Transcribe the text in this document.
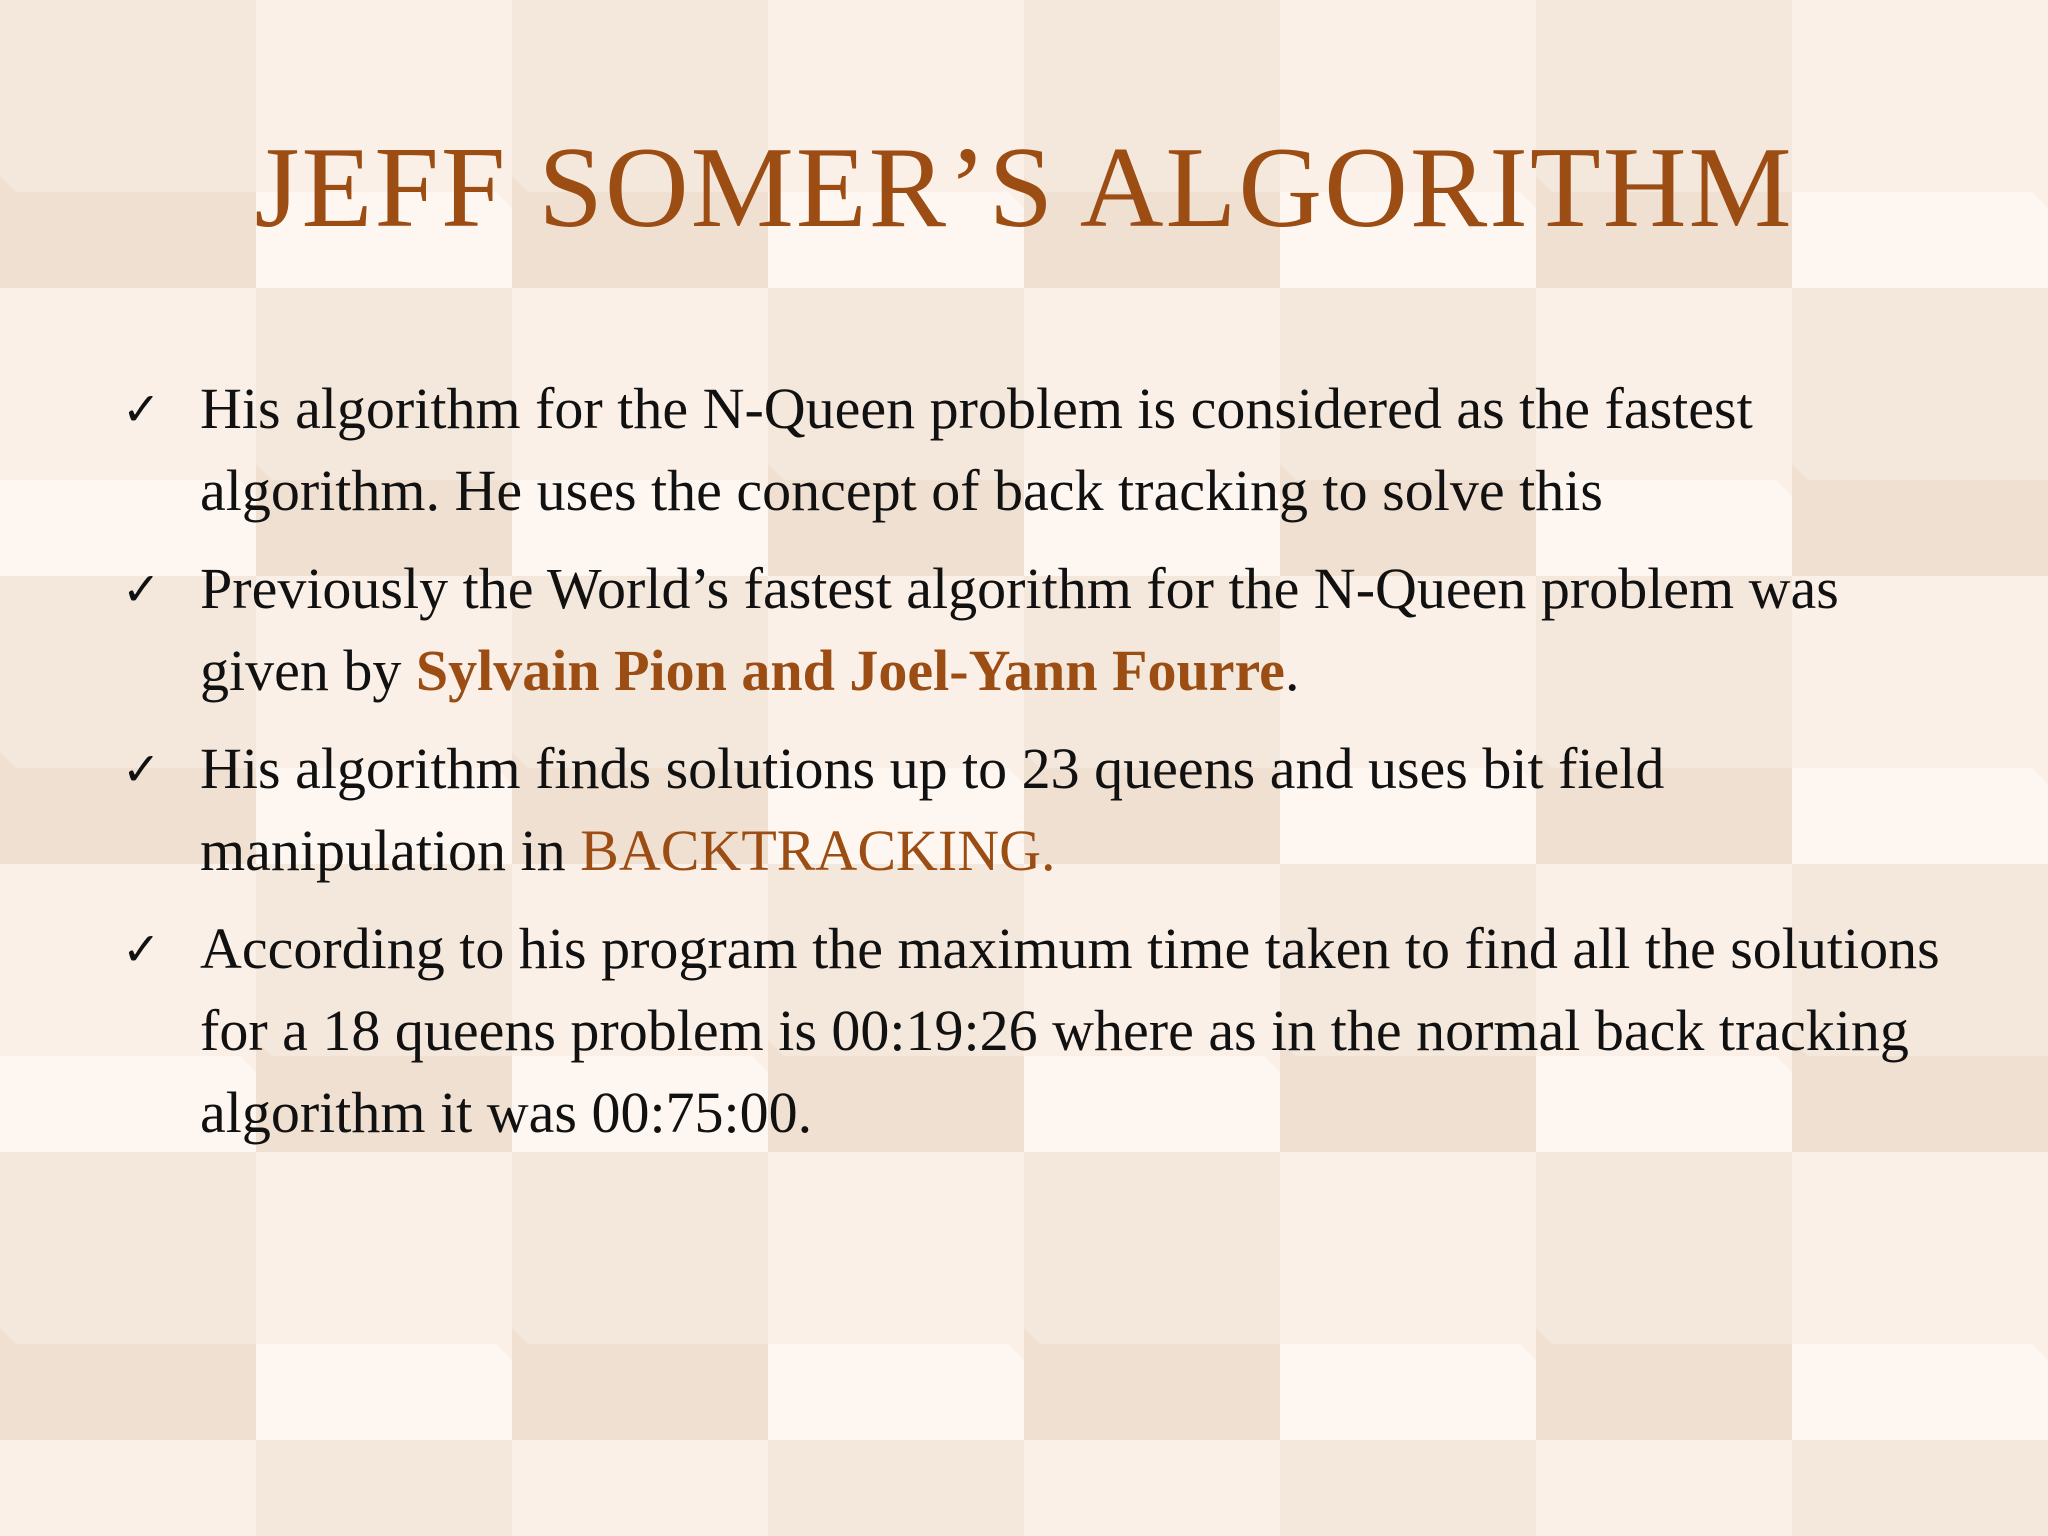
JEFF SOMER’S ALGORITHM
✓ His algorithm for the N-Queen problem is considered as the fastest algorithm. He uses the concept of back tracking to solve this
✓ Previously the World’s fastest algorithm for the N-Queen problem was given by Sylvain Pion and Joel-Yann Fourre.
✓ His algorithm finds solutions up to 23 queens and uses bit field manipulation in BACKTRACKING.
✓ According to his program the maximum time taken to find all the solutions for a 18 queens problem is 00:19:26 where as in the normal back tracking algorithm it was 00:75:00.
